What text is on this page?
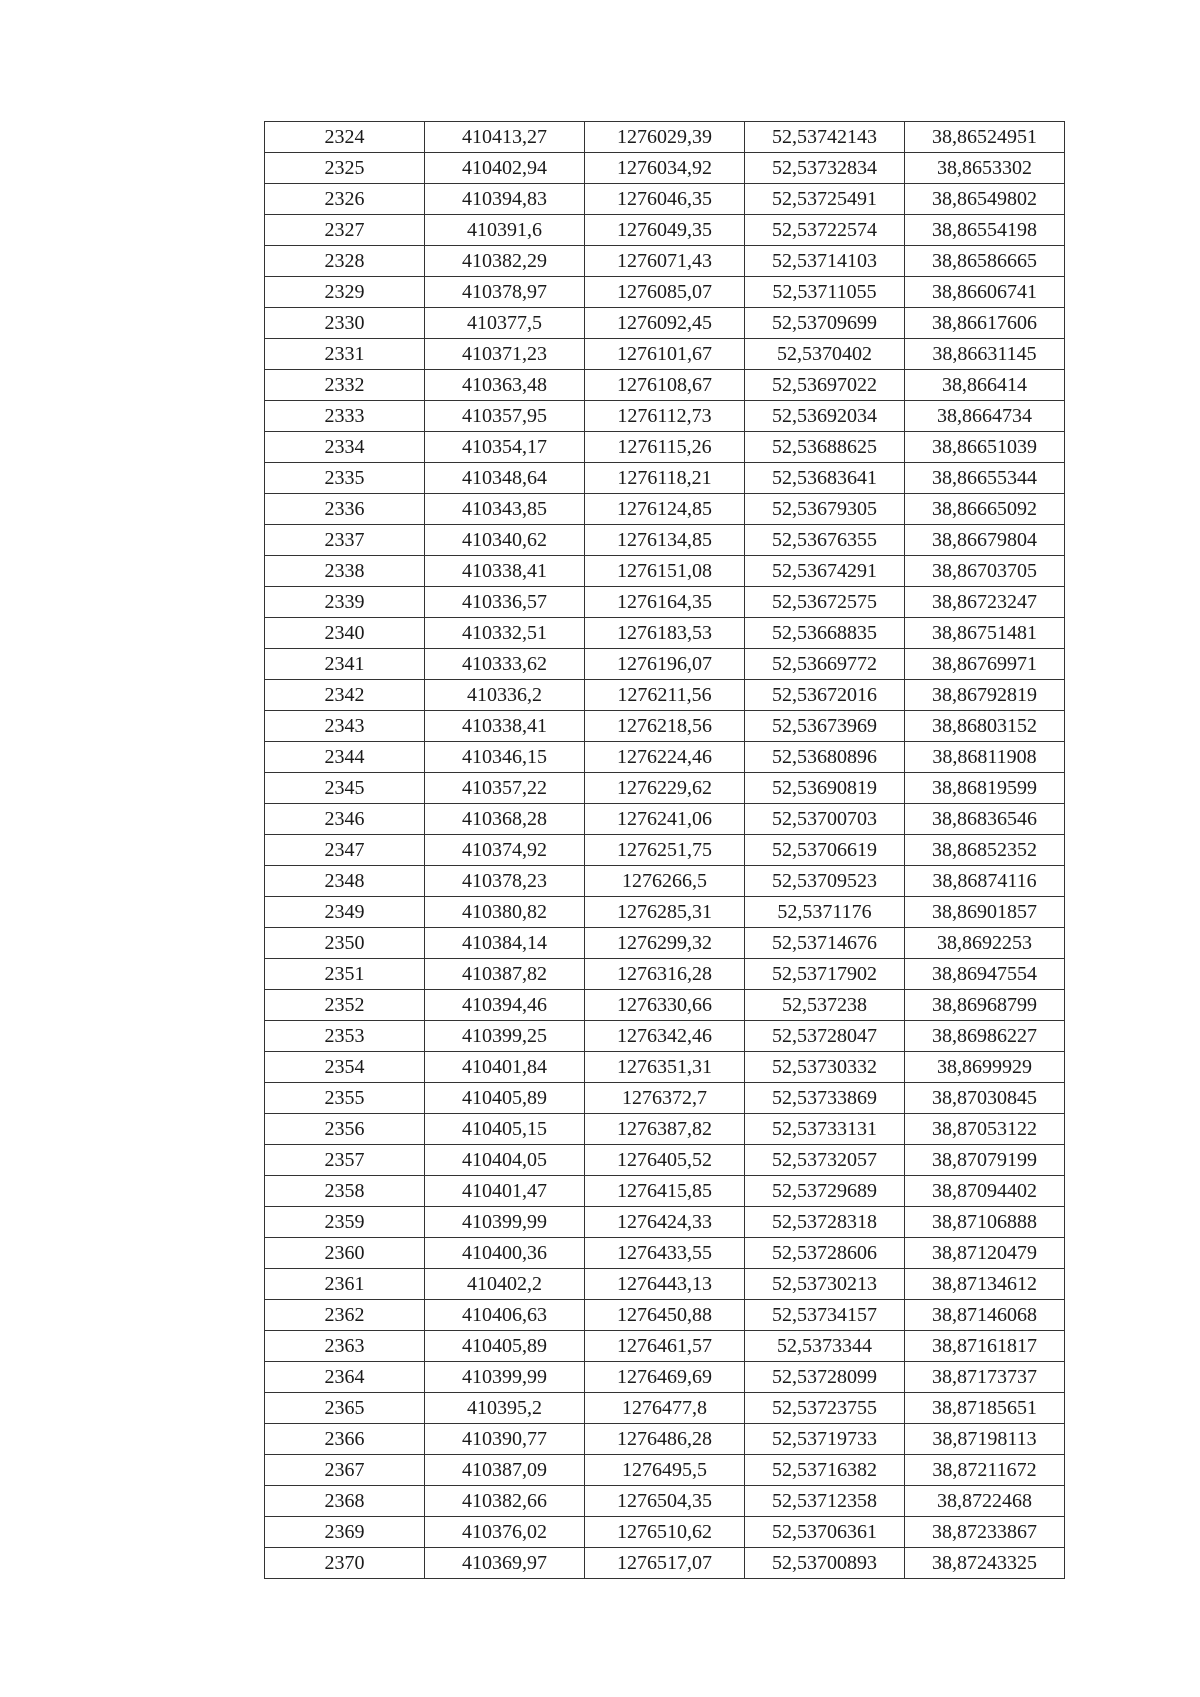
2324	410413,27	1276029,39	52,53742143	38,86524951
2325	410402,94	1276034,92	52,53732834	38,8653302
2326	410394,83	1276046,35	52,53725491	38,86549802
2327	410391,6	1276049,35	52,53722574	38,86554198
2328	410382,29	1276071,43	52,53714103	38,86586665
2329	410378,97	1276085,07	52,53711055	38,86606741
2330	410377,5	1276092,45	52,53709699	38,86617606
2331	410371,23	1276101,67	52,5370402	38,86631145
2332	410363,48	1276108,67	52,53697022	38,866414
2333	410357,95	1276112,73	52,53692034	38,8664734
2334	410354,17	1276115,26	52,53688625	38,86651039
2335	410348,64	1276118,21	52,53683641	38,86655344
2336	410343,85	1276124,85	52,53679305	38,86665092
2337	410340,62	1276134,85	52,53676355	38,86679804
2338	410338,41	1276151,08	52,53674291	38,86703705
2339	410336,57	1276164,35	52,53672575	38,86723247
2340	410332,51	1276183,53	52,53668835	38,86751481
2341	410333,62	1276196,07	52,53669772	38,86769971
2342	410336,2	1276211,56	52,53672016	38,86792819
2343	410338,41	1276218,56	52,53673969	38,86803152
2344	410346,15	1276224,46	52,53680896	38,86811908
2345	410357,22	1276229,62	52,53690819	38,86819599
2346	410368,28	1276241,06	52,53700703	38,86836546
2347	410374,92	1276251,75	52,53706619	38,86852352
2348	410378,23	1276266,5	52,53709523	38,86874116
2349	410380,82	1276285,31	52,5371176	38,86901857
2350	410384,14	1276299,32	52,53714676	38,8692253
2351	410387,82	1276316,28	52,53717902	38,86947554
2352	410394,46	1276330,66	52,537238	38,86968799
2353	410399,25	1276342,46	52,53728047	38,86986227
2354	410401,84	1276351,31	52,53730332	38,8699929
2355	410405,89	1276372,7	52,53733869	38,87030845
2356	410405,15	1276387,82	52,53733131	38,87053122
2357	410404,05	1276405,52	52,53732057	38,87079199
2358	410401,47	1276415,85	52,53729689	38,87094402
2359	410399,99	1276424,33	52,53728318	38,87106888
2360	410400,36	1276433,55	52,53728606	38,87120479
2361	410402,2	1276443,13	52,53730213	38,87134612
2362	410406,63	1276450,88	52,53734157	38,87146068
2363	410405,89	1276461,57	52,5373344	38,87161817
2364	410399,99	1276469,69	52,53728099	38,87173737
2365	410395,2	1276477,8	52,53723755	38,87185651
2366	410390,77	1276486,28	52,53719733	38,87198113
2367	410387,09	1276495,5	52,53716382	38,87211672
2368	410382,66	1276504,35	52,53712358	38,8722468
2369	410376,02	1276510,62	52,53706361	38,87233867
2370	410369,97	1276517,07	52,53700893	38,87243325
